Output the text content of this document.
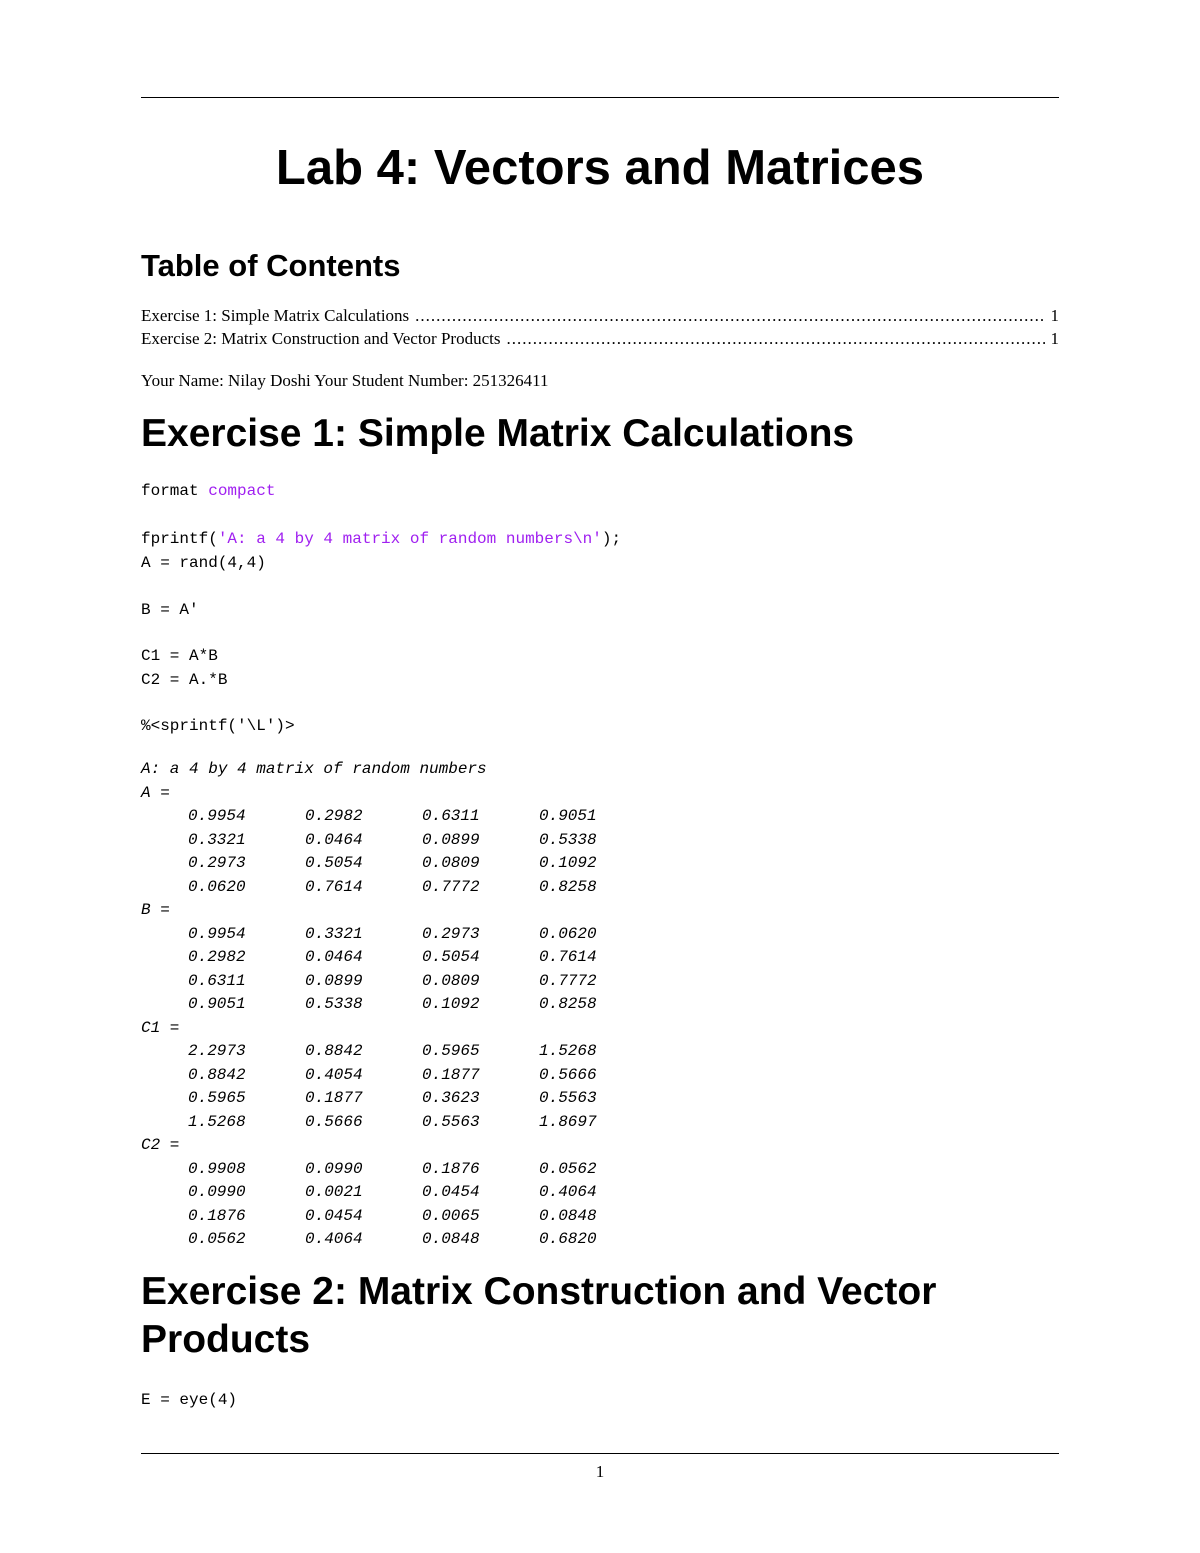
Lab 4: Vectors and Matrices
Table of Contents
Exercise 1: Simple Matrix Calculations .....	1
Exercise 2: Matrix Construction and Vector Products .....	1

Your Name: Nilay Doshi Your Student Number: 251326411

Exercise 1: Simple Matrix Calculations
format compact
fprintf('A: a 4 by 4 matrix of random numbers\n');
A = rand(4,4)
B = A'
C1 = A*B
C2 = A.*B
%<sprintf('\L')>
A: a 4 by 4 matrix of random numbers
A =
0.9954	0.2982	0.6311	0.9051
0.3321	0.0464	0.0899	0.5338
0.2973	0.5054	0.0809	0.1092
0.0620	0.7614	0.7772	0.8258
B =
0.9954	0.3321	0.2973	0.0620
0.2982	0.0464	0.5054	0.7614
0.6311	0.0899	0.0809	0.7772
0.9051	0.5338	0.1092	0.8258
C1 =
2.2973	0.8842	0.5965	1.5268
0.8842	0.4054	0.1877	0.5666
0.5965	0.1877	0.3623	0.5563
1.5268	0.5666	0.5563	1.8697
C2 =
0.9908	0.0990	0.1876	0.0562
0.0990	0.0021	0.0454	0.4064
0.1876	0.0454	0.0065	0.0848
0.0562	0.4064	0.0848	0.6820
Exercise 2: Matrix Construction and Vector Products
E = eye(4)
1
